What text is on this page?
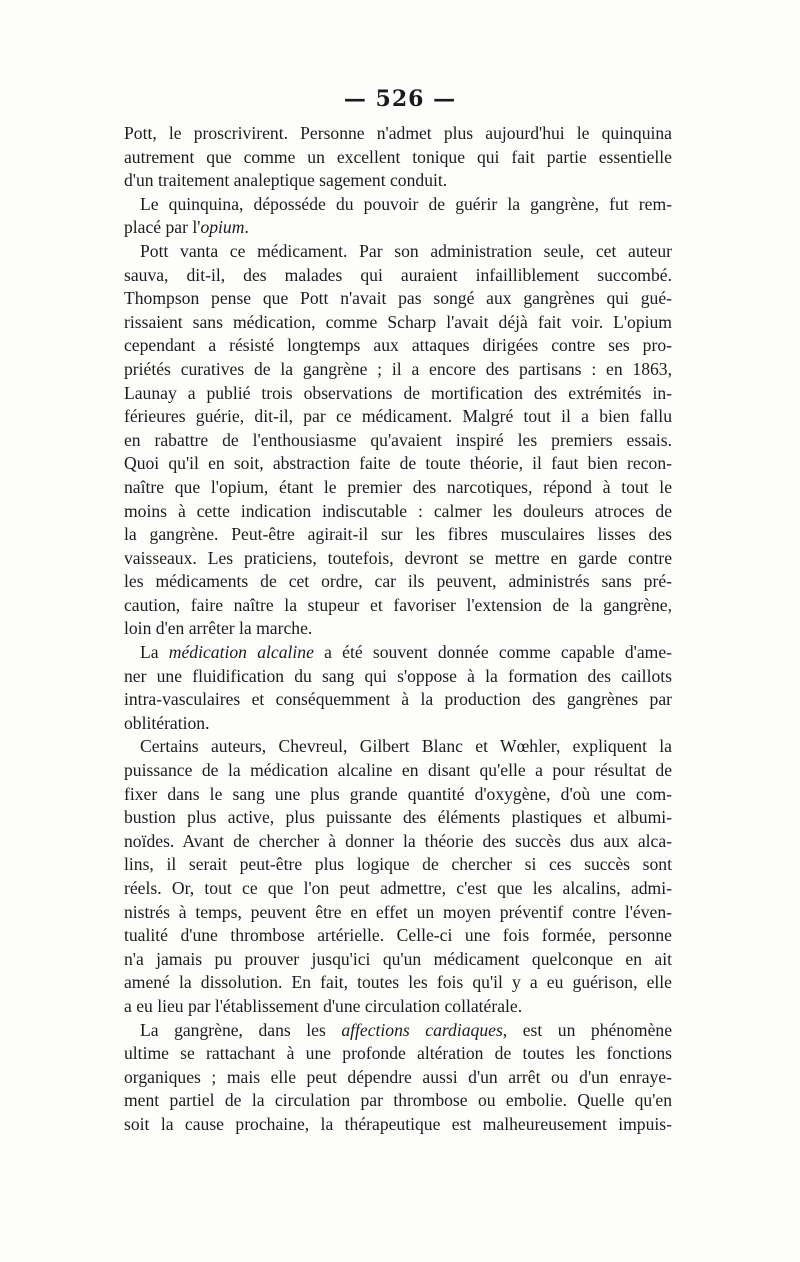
— 526 —
Pott, le proscrivirent. Personne n'admet plus aujourd'hui le quinquina
autrement que comme un excellent tonique qui fait partie essentielle
d'un traitement analeptique sagement conduit.
Le quinquina, déposséde du pouvoir de guérir la gangrène, fut rem-
placé par l'opium.
Pott vanta ce médicament. Par son administration seule, cet auteur
sauva, dit-il, des malades qui auraient infailliblement succombé.
Thompson pense que Pott n'avait pas songé aux gangrènes qui gué-
rissaient sans médication, comme Scharp l'avait déjà fait voir. L'opium
cependant a résisté longtemps aux attaques dirigées contre ses pro-
priétés curatives de la gangrène ; il a encore des partisans : en 1863,
Launay a publié trois observations de mortification des extrémités in-
férieures guérie, dit-il, par ce médicament. Malgré tout il a bien fallu
en rabattre de l'enthousiasme qu'avaient inspiré les premiers essais.
Quoi qu'il en soit, abstraction faite de toute théorie, il faut bien recon-
naître que l'opium, étant le premier des narcotiques, répond à tout le
moins à cette indication indiscutable : calmer les douleurs atroces de
la gangrène. Peut-être agirait-il sur les fibres musculaires lisses des
vaisseaux. Les praticiens, toutefois, devront se mettre en garde contre
les médicaments de cet ordre, car ils peuvent, administrés sans pré-
caution, faire naître la stupeur et favoriser l'extension de la gangrène,
loin d'en arrêter la marche.
La médication alcaline a été souvent donnée comme capable d'ame-
ner une fluidification du sang qui s'oppose à la formation des caillots
intra-vasculaires et conséquemment à la production des gangrènes par
oblitération.
Certains auteurs, Chevreul, Gilbert Blanc et Wœhler, expliquent la
puissance de la médication alcaline en disant qu'elle a pour résultat de
fixer dans le sang une plus grande quantité d'oxygène, d'où une com-
bustion plus active, plus puissante des éléments plastiques et albumi-
noïdes. Avant de chercher à donner la théorie des succès dus aux alca-
lins, il serait peut-être plus logique de chercher si ces succès sont
réels. Or, tout ce que l'on peut admettre, c'est que les alcalins, admi-
nistrés à temps, peuvent être en effet un moyen préventif contre l'éven-
tualité d'une thrombose artérielle. Celle-ci une fois formée, personne
n'a jamais pu prouver jusqu'ici qu'un médicament quelconque en ait
amené la dissolution. En fait, toutes les fois qu'il y a eu guérison, elle
a eu lieu par l'établissement d'une circulation collatérale.
La gangrène, dans les affections cardiaques, est un phénomène
ultime se rattachant à une profonde altération de toutes les fonctions
organiques ; mais elle peut dépendre aussi d'un arrêt ou d'un enraye-
ment partiel de la circulation par thrombose ou embolie. Quelle qu'en
soit la cause prochaine, la thérapeutique est malheureusement impuis-
